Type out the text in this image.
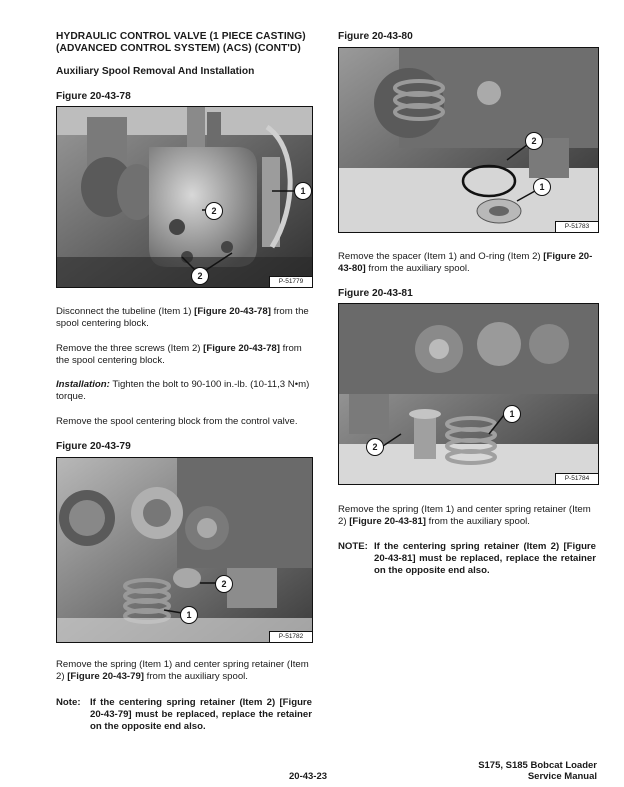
HYDRAULIC CONTROL VALVE (1 PIECE CASTING)
(ADVANCED CONTROL SYSTEM) (ACS) (CONT'D)
Auxiliary Spool Removal And Installation
Figure 20-43-78
1
2
2
P-51779
Disconnect the tubeline (Item 1) [Figure 20-43-78] from the spool centering block.
Remove the three screws (Item 2) [Figure 20-43-78] from the spool centering block.
Installation: Tighten the bolt to 90-100 in.-lb. (10-11,3 N•m) torque.
Remove the spool centering block from the control valve.
Figure 20-43-79
2
1
P-51782
Remove the spring (Item 1) and center spring retainer (Item 2) [Figure 20-43-79] from the auxiliary spool.
Note: If the centering spring retainer (Item 2) [Figure 20-43-79] must be replaced, replace the retainer on the opposite end also.
Figure 20-43-80
2
1
P-51783
Remove the spacer (Item 1) and O-ring (Item 2) [Figure 20-43-80] from the auxiliary spool.
Figure 20-43-81
1
2
P-51784
Remove the spring (Item 1) and center spring retainer (Item 2) [Figure 20-43-81] from the auxiliary spool.
NOTE: If the centering spring retainer (Item 2) [Figure 20-43-81] must be replaced, replace the retainer on the opposite end also.
20-43-23
S175, S185 Bobcat Loader
Service Manual
